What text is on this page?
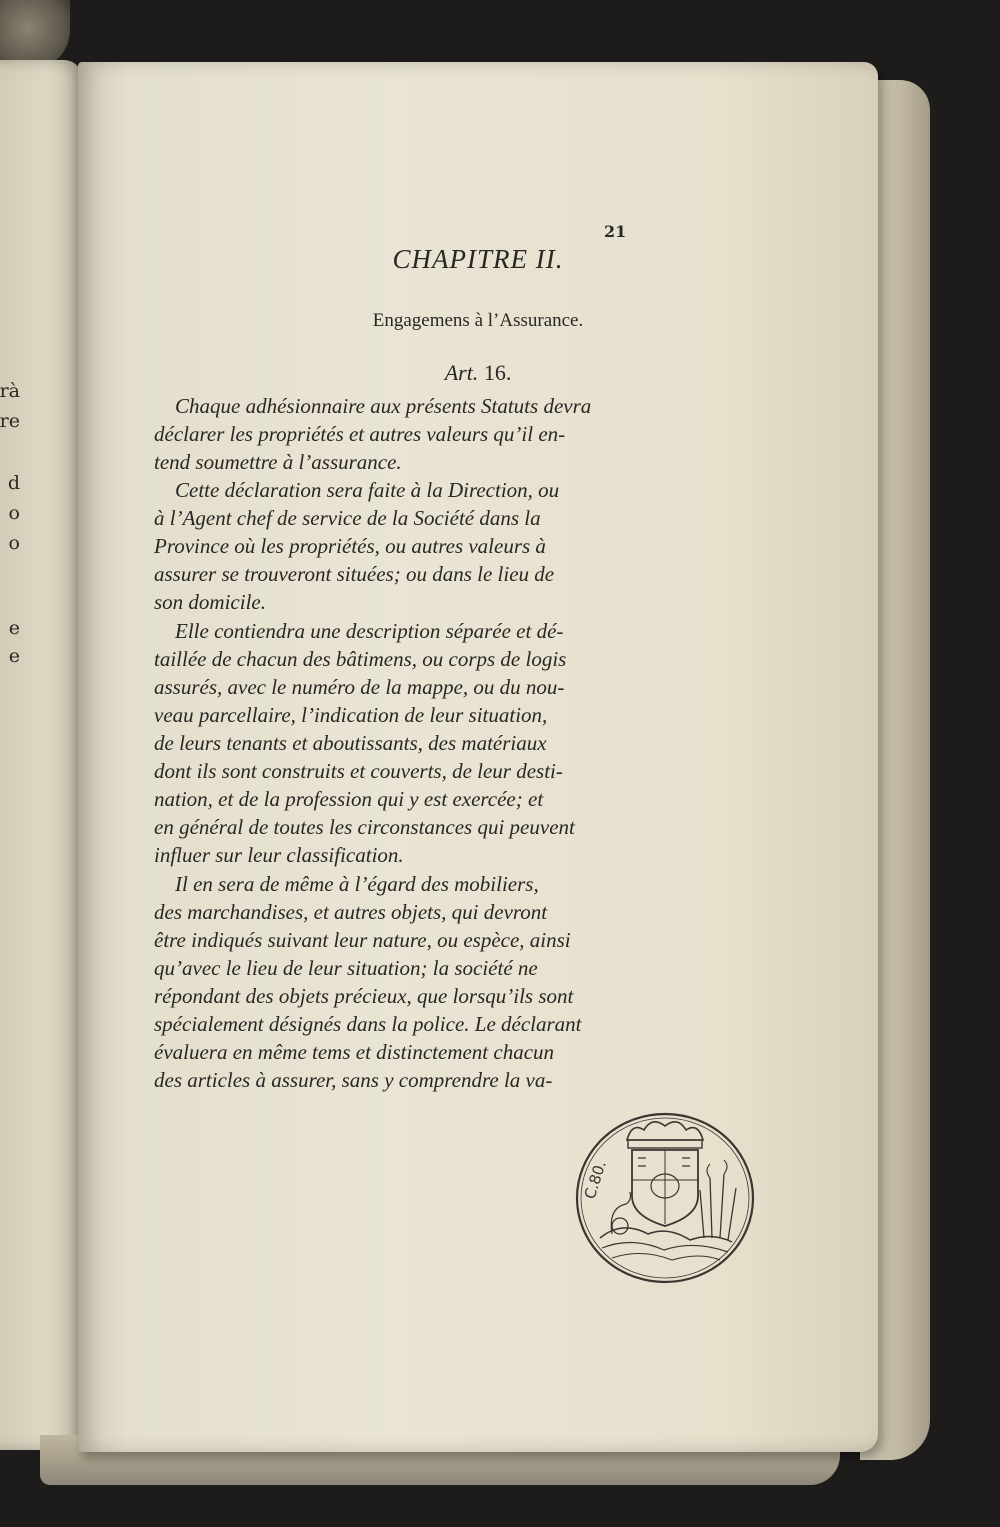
rà
re
d
o
o
e
e
21
CHAPITRE II.
Engagemens à l’Assurance.
Art. 16.
Chaque adhésionnaire aux présents Statuts devra
déclarer les propriétés et autres valeurs qu’il en-
tend soumettre à l’assurance.
Cette déclaration sera faite à la Direction, ou
à l’Agent chef de service de la Société dans la
Province où les propriétés, ou autres valeurs à
assurer se trouveront situées; ou dans le lieu de
son domicile.
Elle contiendra une description séparée et dé-
taillée de chacun des bâtimens, ou corps de logis
assurés, avec le numéro de la mappe, ou du nou-
veau parcellaire, l’indication de leur situation,
de leurs tenants et aboutissants, des matériaux
dont ils sont construits et couverts, de leur desti-
nation, et de la profession qui y est exercée; et
en général de toutes les circonstances qui peuvent
influer sur leur classification.
Il en sera de même à l’égard des mobiliers,
des marchandises, et autres objets, qui devront
être indiqués suivant leur nature, ou espèce, ainsi
qu’avec le lieu de leur situation; la société ne
répondant des objets précieux, que lorsqu’ils sont
spécialement désignés dans la police. Le déclarant
évaluera en même tems et distinctement chacun
des articles à assurer, sans y comprendre la va-
C.80.
